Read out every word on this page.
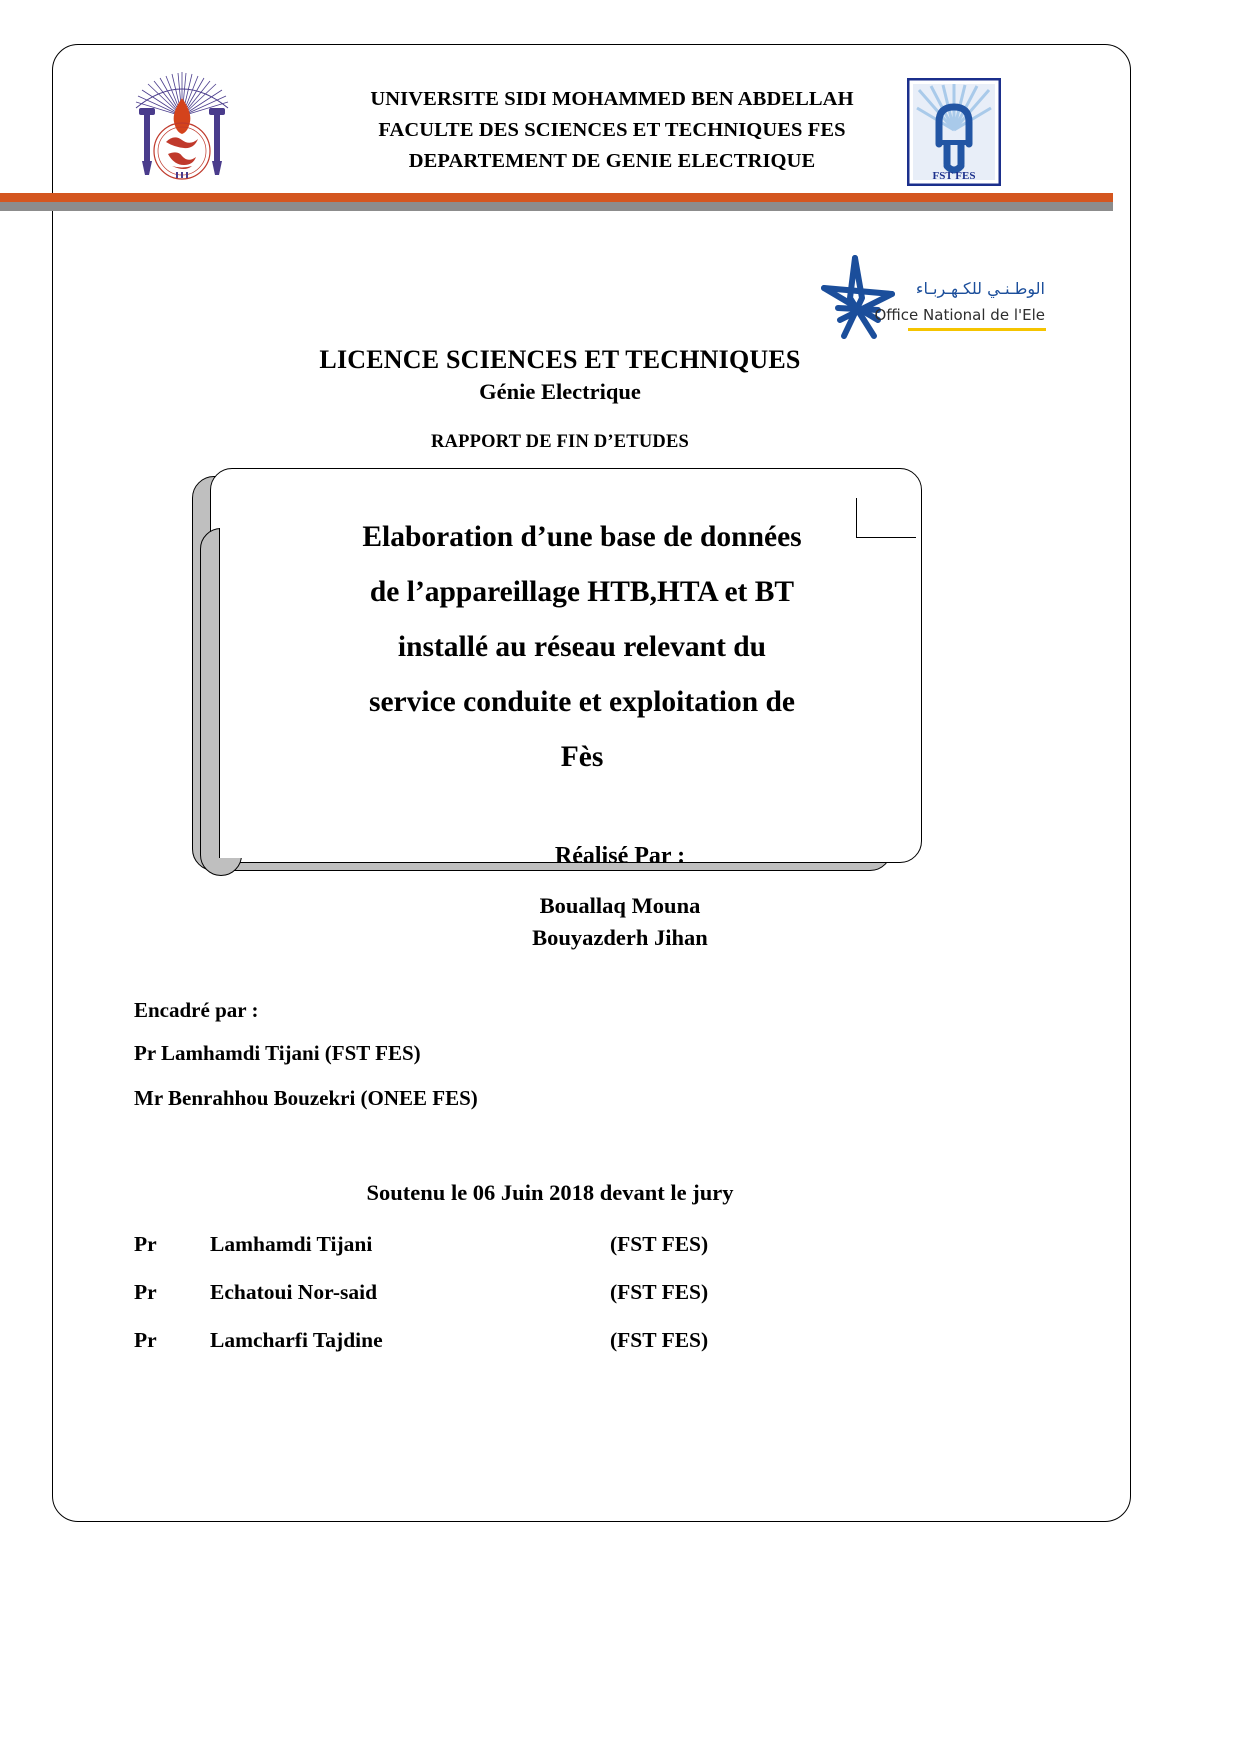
UNIVERSITE SIDI MOHAMMED BEN ABDELLAH
FACULTE DES SCIENCES ET TECHNIQUES FES
DEPARTEMENT DE GENIE ELECTRIQUE
FST FES
الوطـنـي للكـهـربـاء
Office National de l'Ele
LICENCE SCIENCES ET TECHNIQUES
Génie Electrique
RAPPORT DE FIN D’ETUDES
Elaboration d’une base de données
de l’appareillage HTB,HTA et BT
installé au réseau relevant du
service conduite et exploitation de
Fès
Réalisé Par :
Bouallaq Mouna
Bouyazderh Jihan
Encadré par :
Pr Lamhamdi Tijani (FST FES)
Mr Benrahhou Bouzekri (ONEE FES)
Soutenu le 06 Juin 2018 devant le jury
Pr	Lamhamdi Tijani	(FST FES)
Pr	Echatoui Nor-said	(FST FES)
Pr	Lamcharfi Tajdine	(FST FES)
